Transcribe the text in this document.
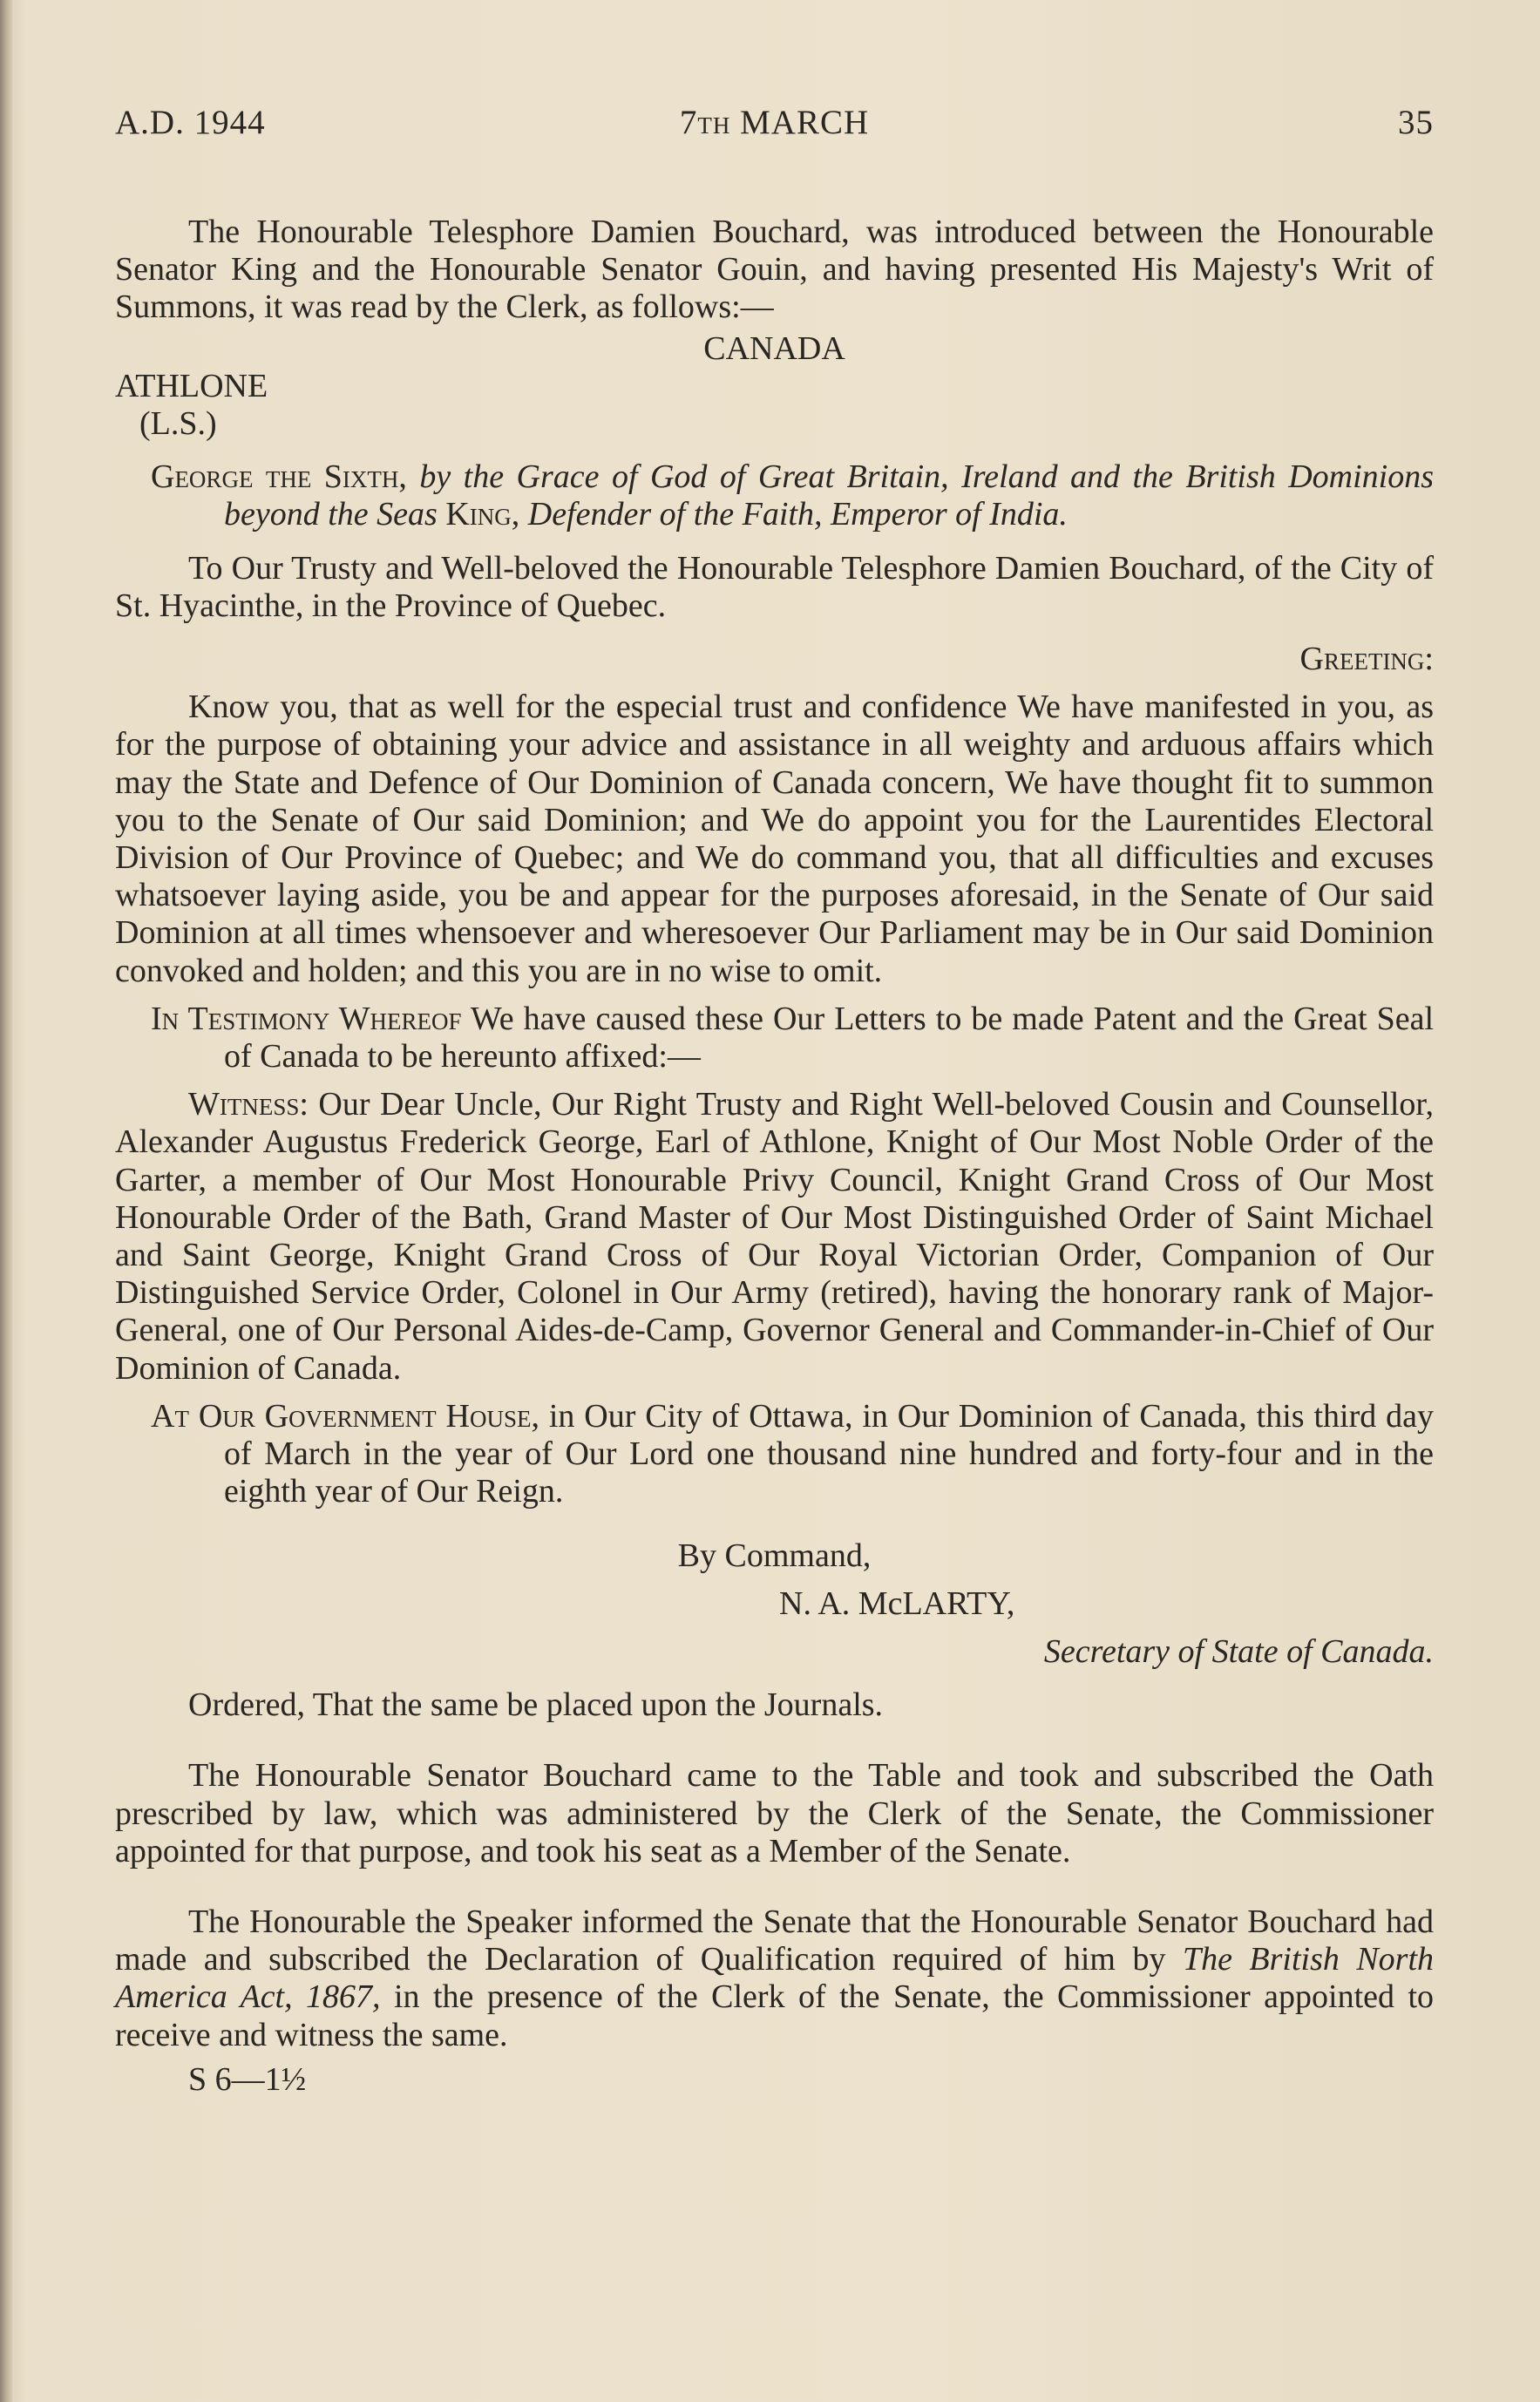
A.D. 1944	7th MARCH	35

The Honourable Telesphore Damien Bouchard, was introduced between the Honourable Senator King and the Honourable Senator Gouin, and having presented His Majesty's Writ of Summons, it was read by the Clerk, as follows:—

CANADA

ATHLONE

(L.S.)

George the Sixth, by the Grace of God of Great Britain, Ireland and the British Dominions beyond the Seas King, Defender of the Faith, Emperor of India.

To Our Trusty and Well-beloved the Honourable Telesphore Damien Bouchard, of the City of St. Hyacinthe, in the Province of Quebec.

Greeting:

Know you, that as well for the especial trust and confidence We have manifested in you, as for the purpose of obtaining your advice and assistance in all weighty and arduous affairs which may the State and Defence of Our Dominion of Canada concern, We have thought fit to summon you to the Senate of Our said Dominion; and We do appoint you for the Laurentides Electoral Division of Our Province of Quebec; and We do command you, that all difficulties and excuses whatsoever laying aside, you be and appear for the purposes aforesaid, in the Senate of Our said Dominion at all times whensoever and wheresoever Our Parliament may be in Our said Dominion convoked and holden; and this you are in no wise to omit.

In Testimony Whereof We have caused these Our Letters to be made Patent and the Great Seal of Canada to be hereunto affixed:—

Witness: Our Dear Uncle, Our Right Trusty and Right Well-beloved Cousin and Counsellor, Alexander Augustus Frederick George, Earl of Athlone, Knight of Our Most Noble Order of the Garter, a member of Our Most Honourable Privy Council, Knight Grand Cross of Our Most Honourable Order of the Bath, Grand Master of Our Most Distinguished Order of Saint Michael and Saint George, Knight Grand Cross of Our Royal Victorian Order, Companion of Our Distinguished Service Order, Colonel in Our Army (retired), having the honorary rank of Major-General, one of Our Personal Aides-de-Camp, Governor General and Commander-in-Chief of Our Dominion of Canada.

At Our Government House, in Our City of Ottawa, in Our Dominion of Canada, this third day of March in the year of Our Lord one thousand nine hundred and forty-four and in the eighth year of Our Reign.

By Command,

N. A. McLARTY,

Secretary of State of Canada.

Ordered, That the same be placed upon the Journals.

The Honourable Senator Bouchard came to the Table and took and subscribed the Oath prescribed by law, which was administered by the Clerk of the Senate, the Commissioner appointed for that purpose, and took his seat as a Member of the Senate.

The Honourable the Speaker informed the Senate that the Honourable Senator Bouchard had made and subscribed the Declaration of Qualification required of him by The British North America Act, 1867, in the presence of the Clerk of the Senate, the Commissioner appointed to receive and witness the same.

S 6—1½
